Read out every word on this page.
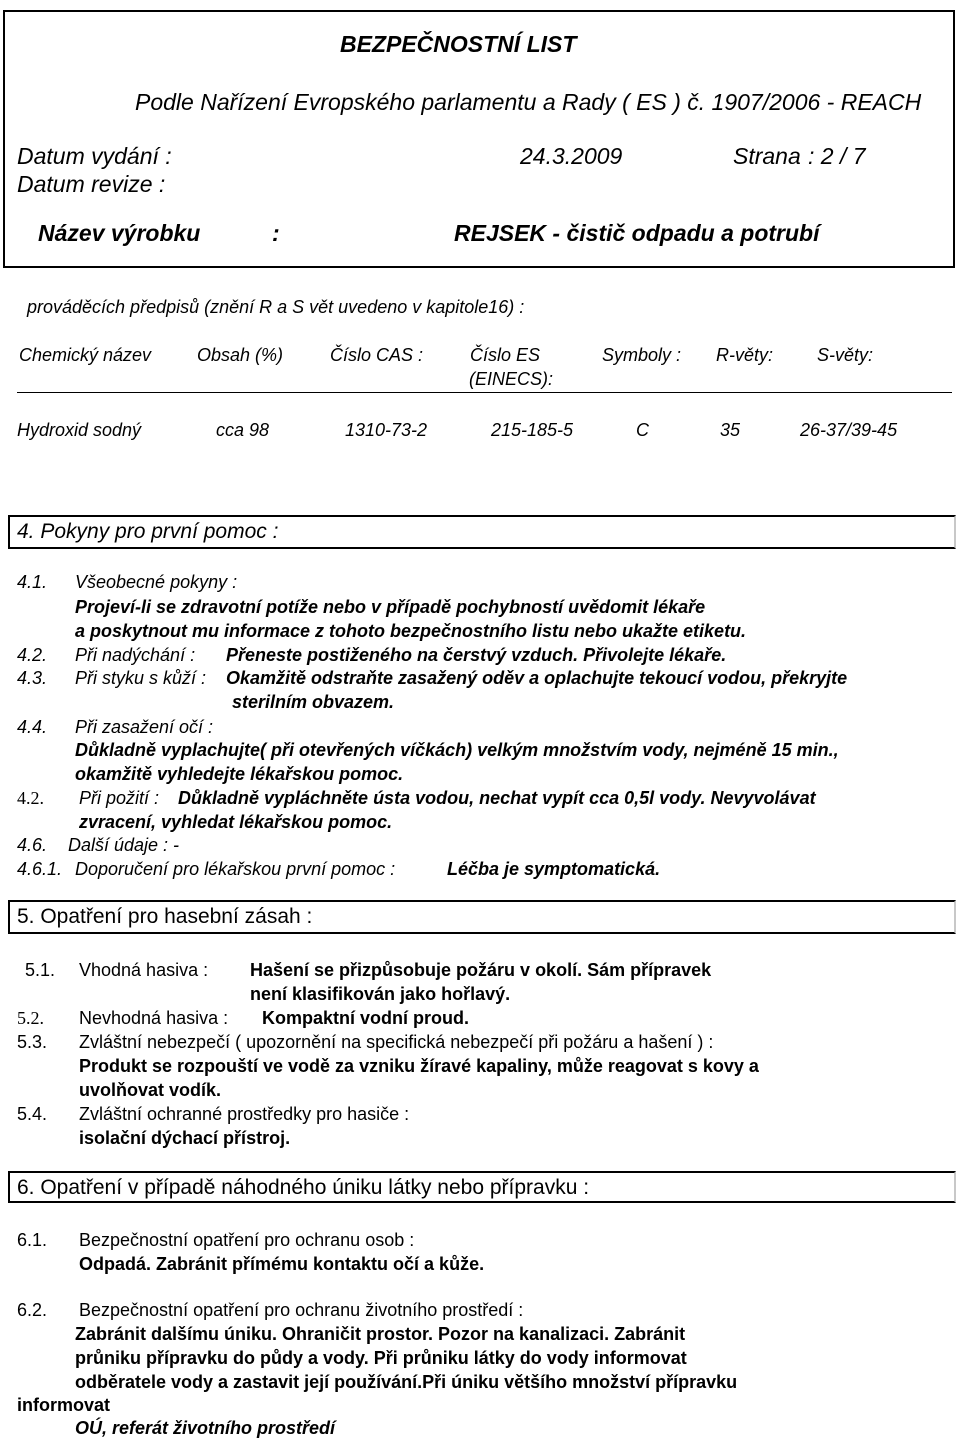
BEZPEČNOSTNÍ LIST
Podle Nařízení Evropského parlamentu a Rady ( ES ) č. 1907/2006 - REACH
Datum vydání :	24.3.2009	Strana : 2 / 7
Datum revize :
Název výrobku	:	REJSEK - čistič odpadu a potrubí
prováděcích předpisů (znění R a S vět uvedeno v kapitole16) :
Chemický název	Obsah (%)	Číslo CAS :	Číslo ES
(EINECS):
Symboly : R-věty: S-věty:
Hydroxid sodný	cca 98	1310-73-2	215-185-5	C	35	26-37/39-45
4. Pokyny pro první pomoc :
4.1. Všeobecné pokyny :
Projeví-li se zdravotní potíže nebo v případě pochybností uvědomit lékaře
a poskytnout mu informace z tohoto bezpečnostního listu nebo ukažte etiketu.
4.2. Při nadýchání : Přeneste postiženého na čerstvý vzduch. Přivolejte lékaře.
4.3. Při styku s kůží : Okamžitě odstraňte zasažený oděv a oplachujte tekoucí vodou, překryjte
sterilním obvazem.
4.4. Při zasažení očí :
Důkladně vyplachujte( při otevřených víčkách) velkým množstvím vody, nejméně 15 min.,
okamžitě vyhledejte lékařskou pomoc.
4.2. Při požití : Důkladně vypláchněte ústa vodou, nechat vypít cca 0,5l vody. Nevyvolávat
zvracení, vyhledat lékařskou pomoc.
4.6. Další údaje : -
4.6.1. Doporučení pro lékařskou první pomoc :	Léčba je symptomatická.
5. Opatření pro hasební zásah :
5.1. Vhodná hasiva : Hašení se přizpůsobuje požáru v okolí. Sám přípravek
není klasifikován jako hořlavý.
5.2. Nevhodná hasiva : Kompaktní vodní proud.
5.3. Zvláštní nebezpečí ( upozornění na specifická nebezpečí při požáru a hašení ) :
Produkt se rozpouští ve vodě za vzniku žíravé kapaliny, může reagovat s kovy a
uvolňovat vodík.
5.4. Zvláštní ochranné prostředky pro hasiče :
isolační dýchací přístroj.
6. Opatření v případě náhodného úniku látky nebo přípravku :
6.1. Bezpečnostní opatření pro ochranu osob :
Odpadá. Zabránit přímému kontaktu očí a kůže.
6.2. Bezpečnostní opatření pro ochranu životního prostředí :
Zabránit dalšímu úniku. Ohraničit prostor. Pozor na kanalizaci. Zabránit
průniku přípravku do půdy a vody. Při průniku látky do vody informovat
odběratele vody a zastavit její používání.Při úniku většího množství přípravku
informovat
OÚ, referát životního prostředí
